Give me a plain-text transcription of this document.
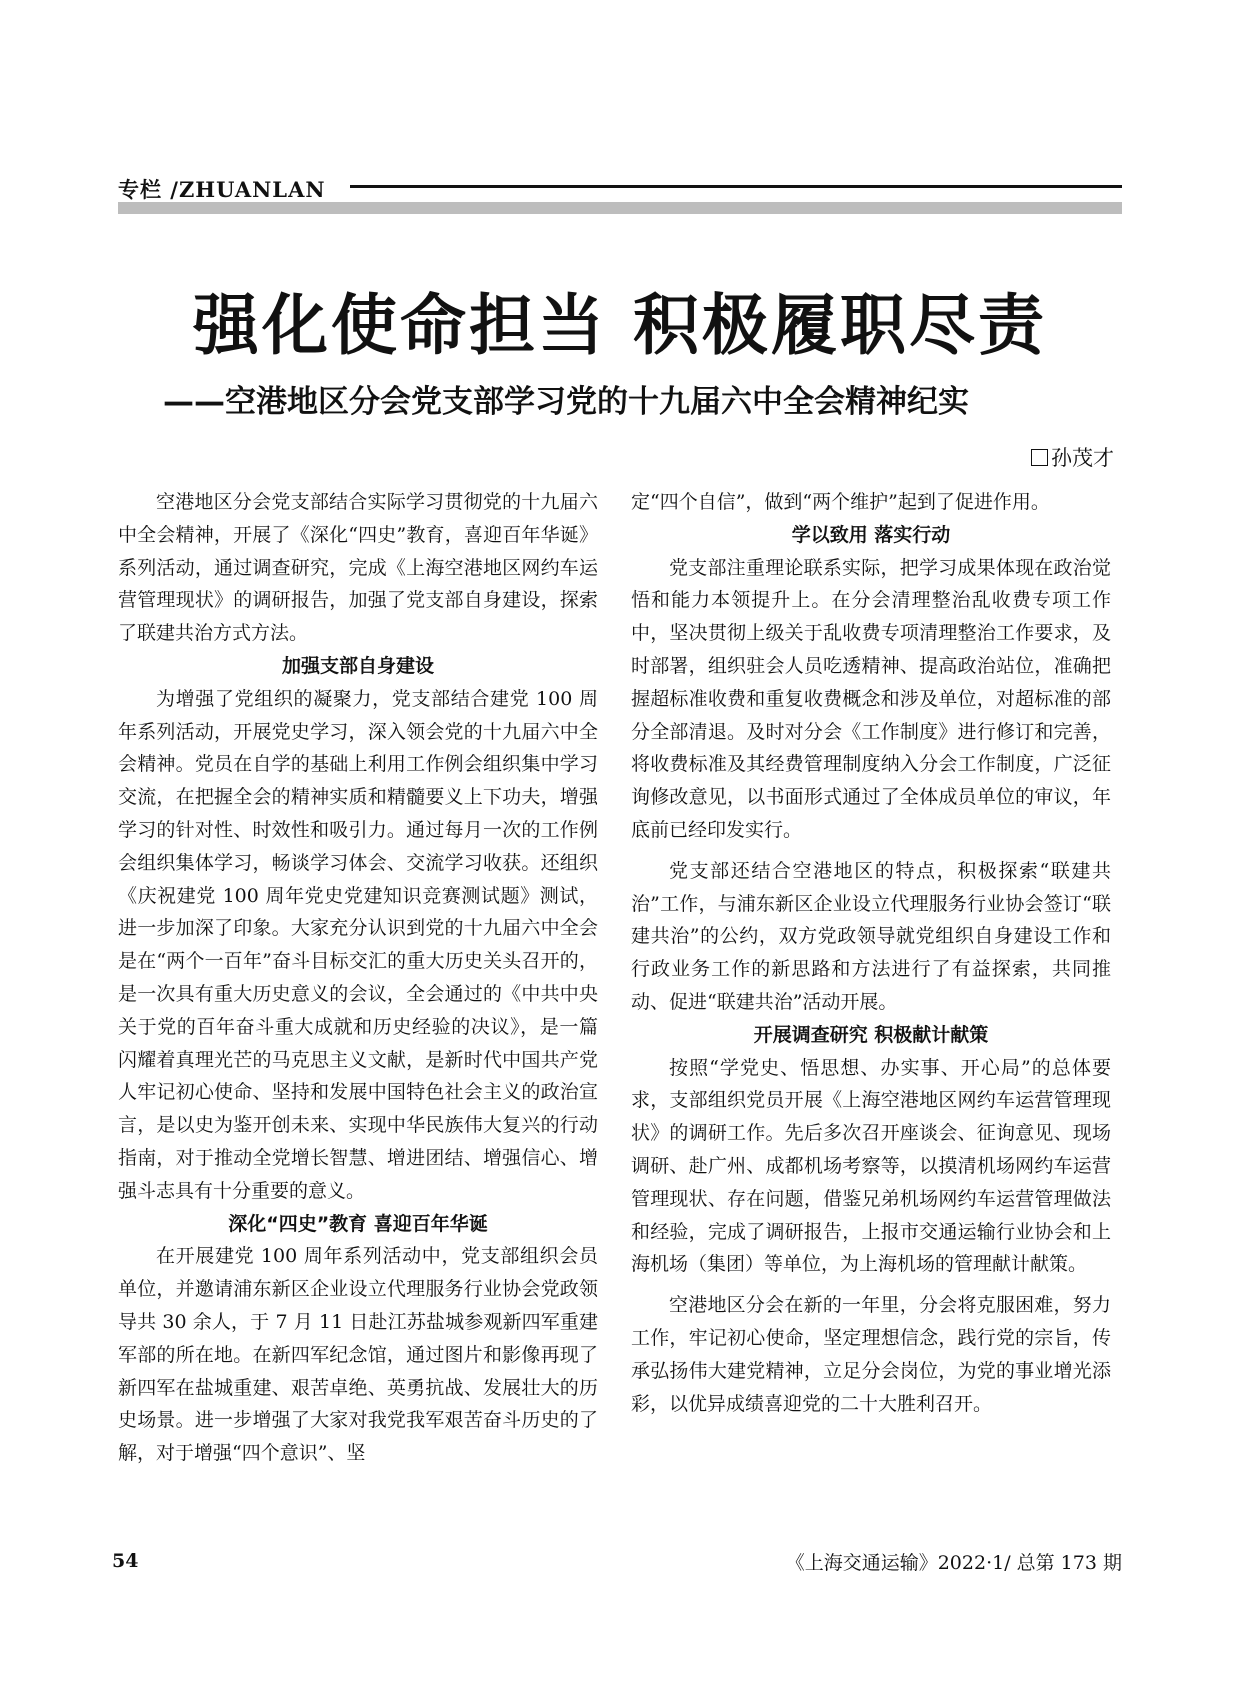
专栏 /ZHUANLAN
强化使命担当 积极履职尽责
——空港地区分会党支部学习党的十九届六中全会精神纪实
孙茂才

空港地区分会党支部结合实际学习贯彻党的十九届六中全会精神，开展了《深化“四史”教育，喜迎百年华诞》系列活动，通过调查研究，完成《上海空港地区网约车运营管理现状》的调研报告，加强了党支部自身建设，探索了联建共治方式方法。

加强支部自身建设

为增强了党组织的凝聚力，党支部结合建党 100 周年系列活动，开展党史学习，深入领会党的十九届六中全会精神。党员在自学的基础上利用工作例会组织集中学习交流，在把握全会的精神实质和精髓要义上下功夫，增强学习的针对性、时效性和吸引力。通过每月一次的工作例会组织集体学习，畅谈学习体会、交流学习收获。还组织《庆祝建党 100 周年党史党建知识竞赛测试题》测试，进一步加深了印象。大家充分认识到党的十九届六中全会是在“两个一百年”奋斗目标交汇的重大历史关头召开的，是一次具有重大历史意义的会议，全会通过的《中共中央关于党的百年奋斗重大成就和历史经验的决议》，是一篇闪耀着真理光芒的马克思主义文献，是新时代中国共产党人牢记初心使命、坚持和发展中国特色社会主义的政治宣言，是以史为鉴开创未来、实现中华民族伟大复兴的行动指南，对于推动全党增长智慧、增进团结、增强信心、增强斗志具有十分重要的意义。

深化“四史”教育 喜迎百年华诞

在开展建党 100 周年系列活动中，党支部组织会员单位，并邀请浦东新区企业设立代理服务行业协会党政领导共 30 余人，于 7 月 11 日赴江苏盐城参观新四军重建军部的所在地。在新四军纪念馆，通过图片和影像再现了新四军在盐城重建、艰苦卓绝、英勇抗战、发展壮大的历史场景。进一步增强了大家对我党我军艰苦奋斗历史的了解，对于增强“四个意识”、坚

定“四个自信”，做到“两个维护”起到了促进作用。

学以致用 落实行动

党支部注重理论联系实际，把学习成果体现在政治觉悟和能力本领提升上。在分会清理整治乱收费专项工作中，坚决贯彻上级关于乱收费专项清理整治工作要求，及时部署，组织驻会人员吃透精神、提高政治站位，准确把握超标准收费和重复收费概念和涉及单位，对超标准的部分全部清退。及时对分会《工作制度》进行修订和完善，将收费标准及其经费管理制度纳入分会工作制度，广泛征询修改意见，以书面形式通过了全体成员单位的审议，年底前已经印发实行。

党支部还结合空港地区的特点，积极探索“联建共治”工作，与浦东新区企业设立代理服务行业协会签订“联建共治”的公约，双方党政领导就党组织自身建设工作和行政业务工作的新思路和方法进行了有益探索，共同推动、促进“联建共治”活动开展。

开展调查研究 积极献计献策

按照“学党史、悟思想、办实事、开心局”的总体要求，支部组织党员开展《上海空港地区网约车运营管理现状》的调研工作。先后多次召开座谈会、征询意见、现场调研、赴广州、成都机场考察等，以摸清机场网约车运营管理现状、存在问题，借鉴兄弟机场网约车运营管理做法和经验，完成了调研报告，上报市交通运输行业协会和上海机场（集团）等单位，为上海机场的管理献计献策。

空港地区分会在新的一年里，分会将克服困难，努力工作，牢记初心使命，坚定理想信念，践行党的宗旨，传承弘扬伟大建党精神，立足分会岗位，为党的事业增光添彩，以优异成绩喜迎党的二十大胜利召开。

54	《上海交通运输》2022·1/ 总第 173 期
